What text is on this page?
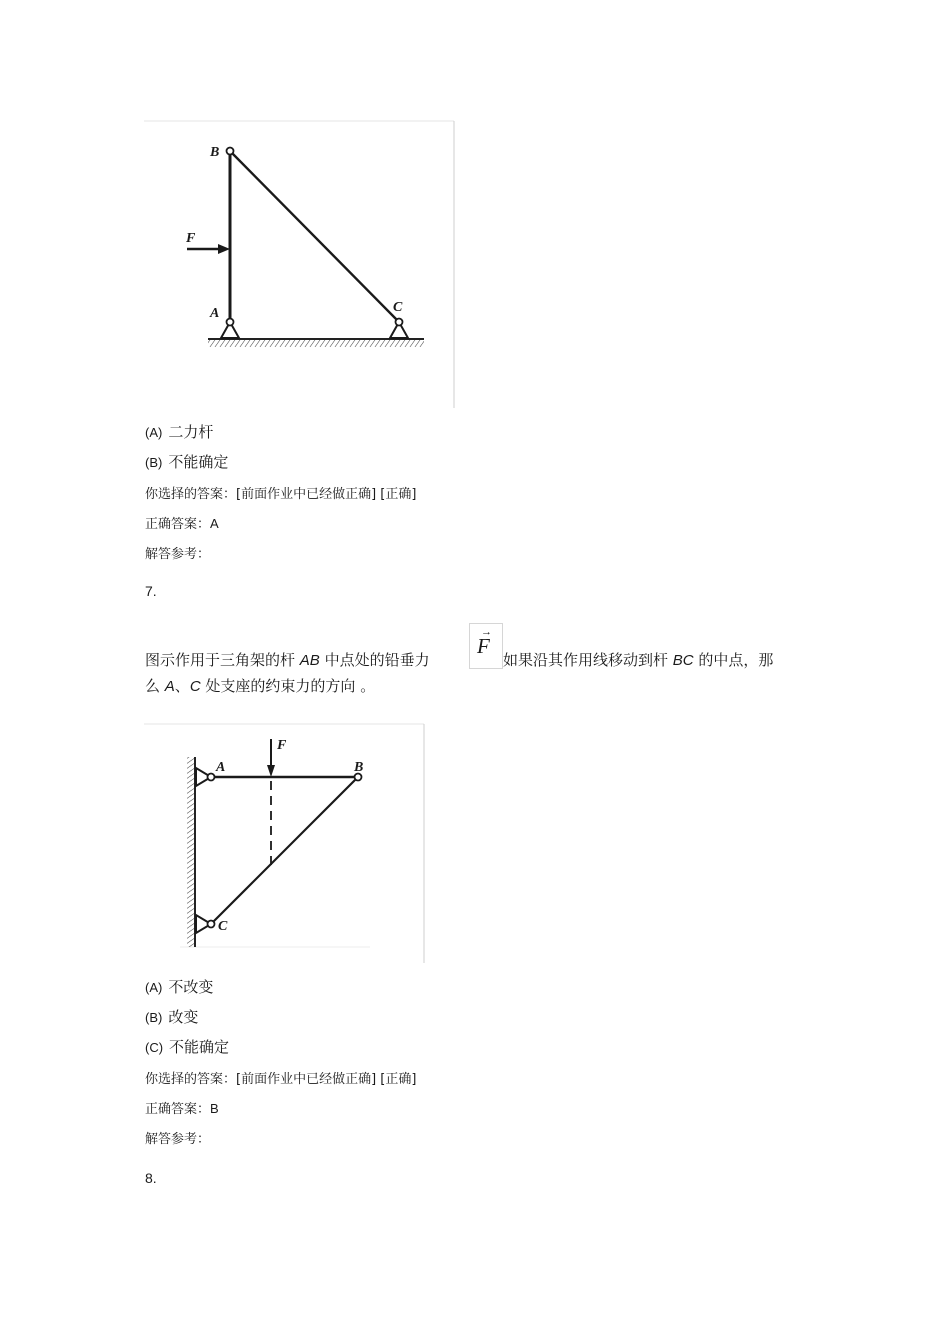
B
F
A	C
(A) 二力杆
(B) 不能确定
你选择的答案：[前面作业中已经做正确] [正确]
正确答案：A
解答参考：
7.
→
F
图示作用于三角架的杆 AB 中点处的铅垂力	如果沿其作用线移动到杆 BC 的中点，那
么 A、C 处支座的约束力的方向 。
F
A	B
C
(A) 不改变
(B) 改变
(C) 不能确定
你选择的答案：[前面作业中已经做正确] [正确]
正确答案：B
解答参考：
8.
